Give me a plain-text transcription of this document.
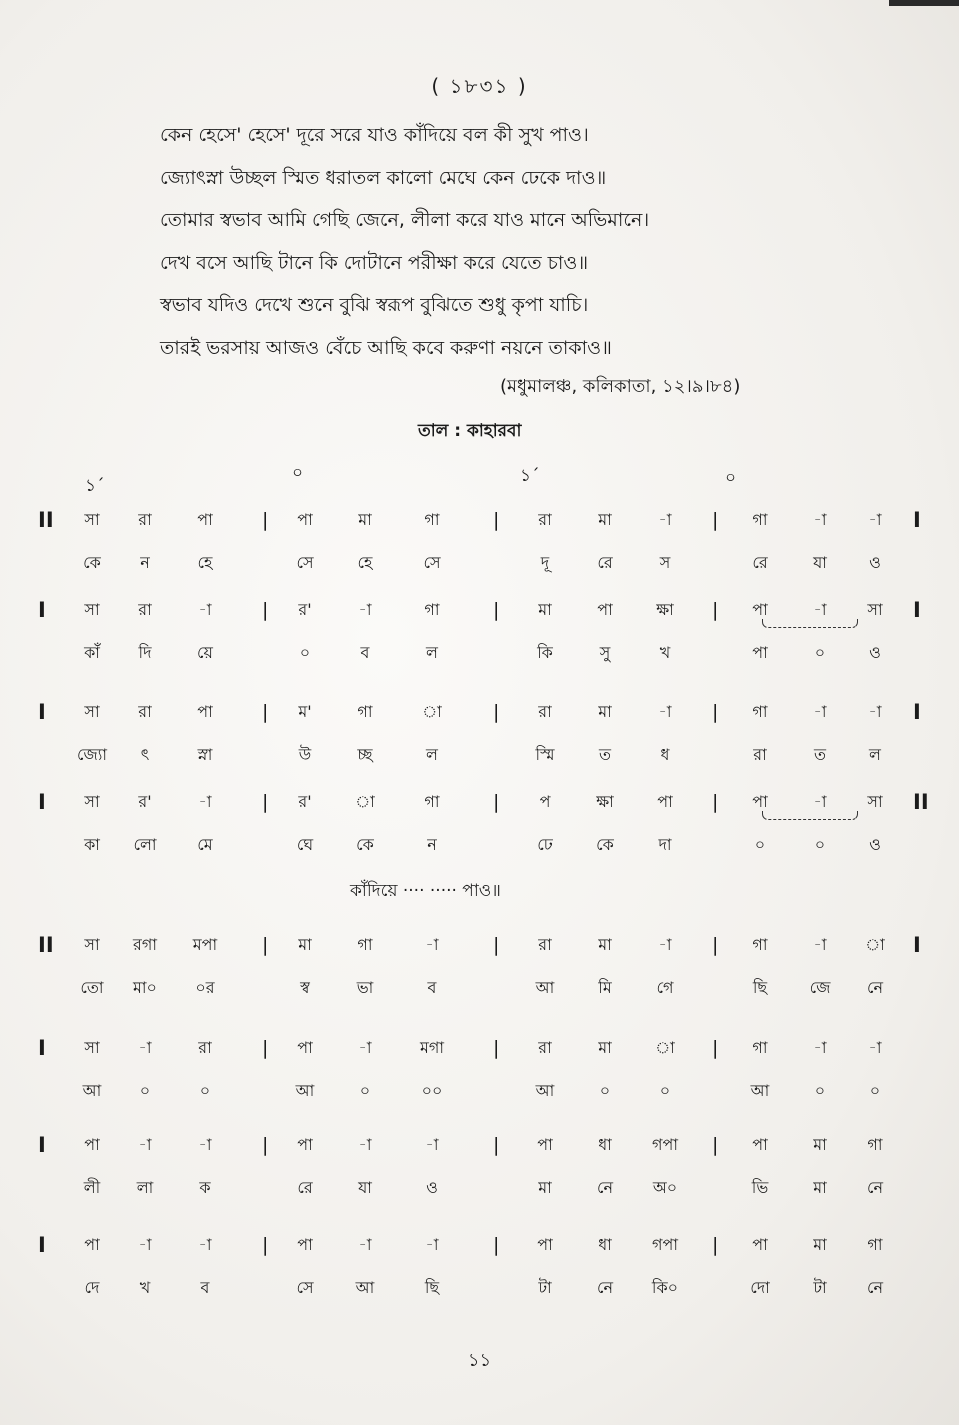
( ১৮৩১ )
কেন হেসে' হেসে' দূরে সরে যাও কাঁদিয়ে বল কী সুখ পাও।
জ্যোৎস্না উচ্ছল স্মিত ধরাতল কালো মেঘে কেন ঢেকে দাও॥
তোমার স্বভাব আমি গেছি জেনে, লীলা করে যাও মানে অভিমানে।
দেখ বসে আছি টানে কি দোটানে পরীক্ষা করে যেতে চাও॥
স্বভাব যদিও দেখে শুনে বুঝি স্বরূপ বুঝিতে শুধু কৃপা যাচি।
তারই ভরসায় আজও বেঁচে আছি কবে করুণা নয়নে তাকাও॥
(মধুমালঞ্চ, কলিকাতা, ১২।৯।৮৪)
তাল : কাহারবা
১´
০	১´	০
II	|	|	|	I
সা	রা	পা	পা	মা	গা	রা	মা	-া	গা	-া	-া
কে	ন	হে	সে	হে	সে	দূ	রে	স	রে	যা	ও
I	|	|	|	I
সা	রা	-া	র'	-া	গা	মা	পা	ক্ষা	পা	-া	সা
কাঁ	দি	য়ে	০	ব	ল	কি	সু	খ	পা	০	ও
I	|	|	|	I
সা	রা	পা	ম'	গা	া	রা	মা	-া	গা	-া	-া
জ্যো	ৎ	স্না	উ	চ্ছ	ল	স্মি	ত	ধ	রা	ত	ল
I	|	|	|	II
সা	র'	-া	র'	া	গা	প	ক্ষা	পা	পা	-া	সা
কা	লো	মে	ঘে	কে	ন	ঢে	কে	দা	০	০	ও
II	|	|	|	I
সা	রগা	মপা	মা	গা	-া	রা	মা	-া	গা	-া	া
তো	মা০	০র	স্ব	ভা	ব	আ	মি	গে	ছি	জে	নে
I	|	|	|
সা	-া	রা	পা	-া	মগা	রা	মা	া	গা	-া	-া
আ	০	০	আ	০	০০	আ	০	০	আ	০	০
I	|	|	|
পা	-া	-া	পা	-া	-া	পা	ধা	গপা	পা	মা	গা
লী	লা	ক	রে	যা	ও	মা	নে	অ০	ভি	মা	নে
I	|	|	|
পা	-া	-া	পা	-া	-া	পা	ধা	গপা	পা	মা	গা
দে	খ	ব	সে	আ	ছি	টা	নে	কি০	দো	টা	নে
কাঁদিয়ে ···· ····· পাও॥
১১
